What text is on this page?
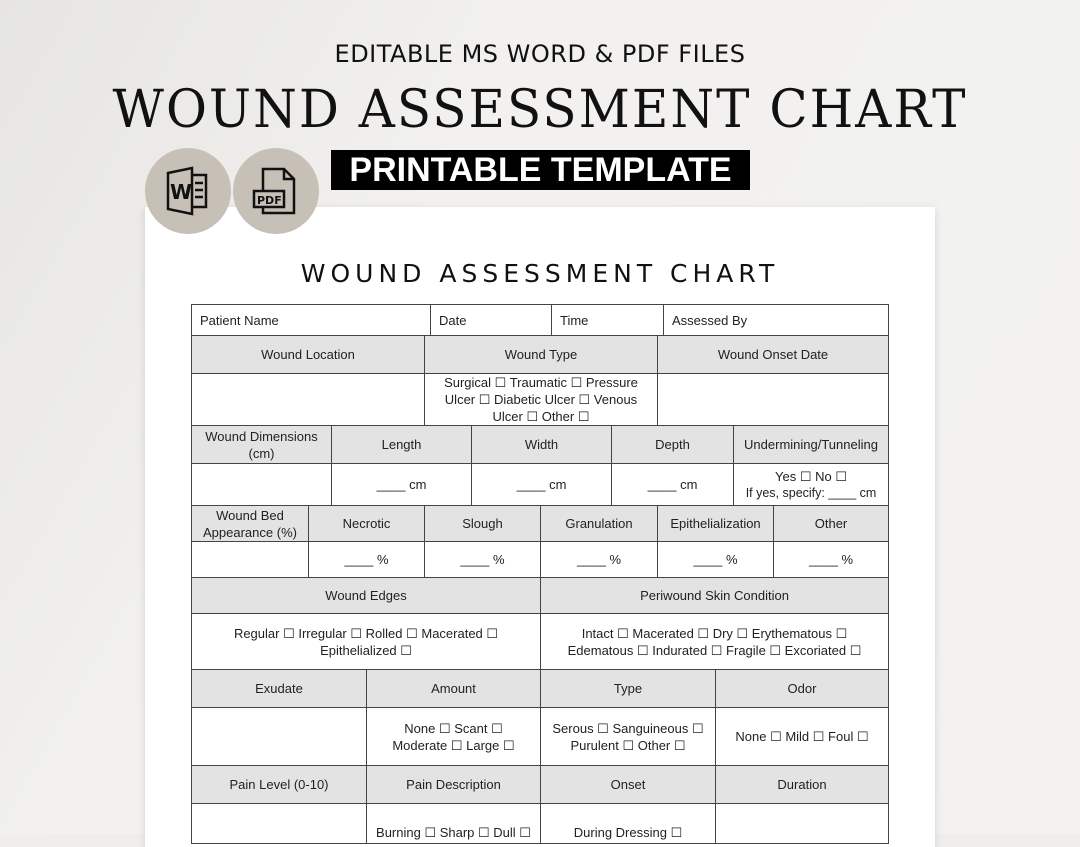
EDITABLE MS WORD & PDF FILES
WOUND ASSESSMENT CHART
PRINTABLE TEMPLATE
W	PDF
WOUND ASSESSMENT CHART
Patient Name	Date	Time	Assessed By
Wound Location	Wound Type	Wound Onset Date
	Surgical ☐ Traumatic ☐ Pressure Ulcer ☐ Diabetic Ulcer ☐ Venous Ulcer ☐ Other ☐	
Wound Dimensions (cm)	Length	Width	Depth	Undermining/Tunneling
	____ cm	____ cm	____ cm	Yes ☐ No ☐
If yes, specify: ____ cm
Wound Bed Appearance (%)	Necrotic	Slough	Granulation	Epithelialization	Other
	____ %	____ %	____ %	____ %	____ %
Wound Edges	Periwound Skin Condition
Regular ☐ Irregular ☐ Rolled ☐ Macerated ☐ Epithelialized ☐	Intact ☐ Macerated ☐ Dry ☐ Erythematous ☐ Edematous ☐ Indurated ☐ Fragile ☐ Excoriated ☐
Exudate	Amount	Type	Odor
	None ☐ Scant ☐ Moderate ☐ Large ☐	Serous ☐ Sanguineous ☐ Purulent ☐ Other ☐	None ☐ Mild ☐ Foul ☐
Pain Level (0-10)	Pain Description	Onset	Duration
	Burning ☐ Sharp ☐ Dull ☐	During Dressing ☐	
